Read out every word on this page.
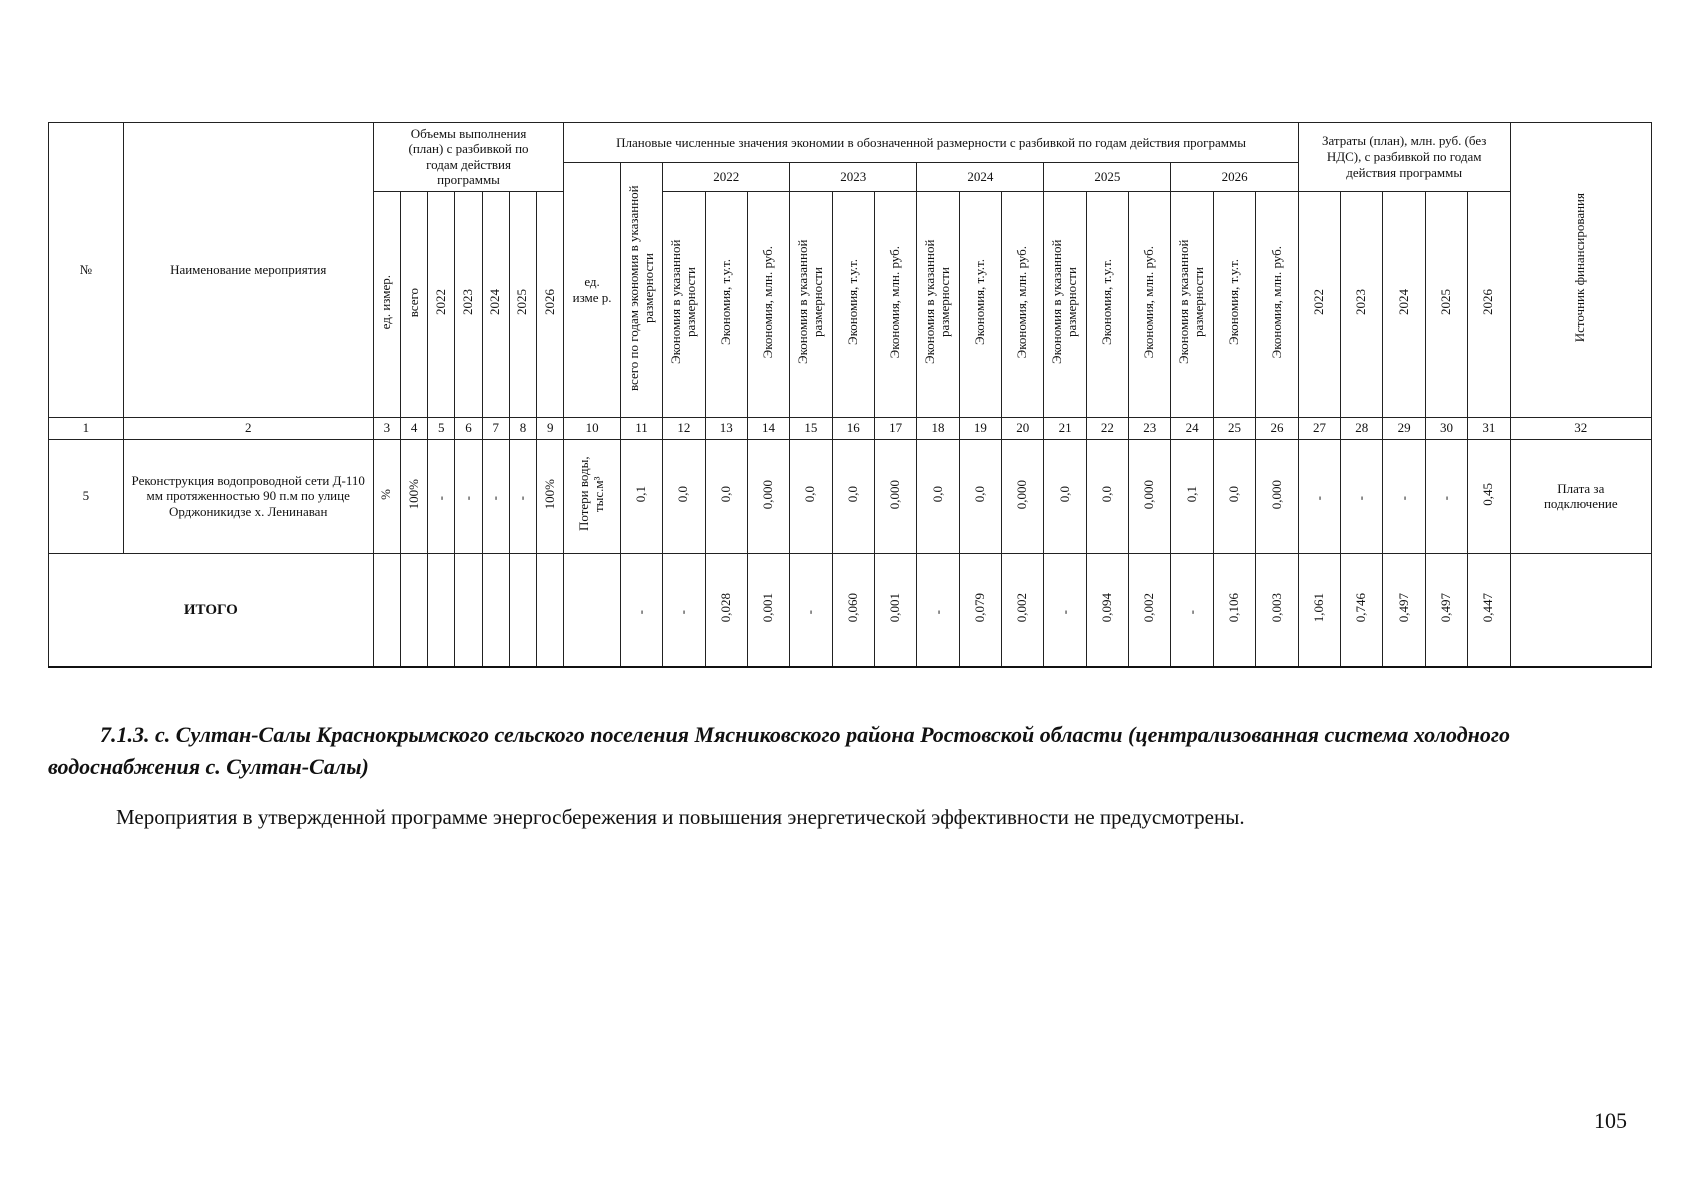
№	Наименование мероприятия	Объемы выполнения (план) с разбивкой по годам действия программы							Плановые численные значения экономии в обозначенной размерности с разбивкой по годам действия программы																	Затраты (план), млн. руб. (без НДС), с разбивкой по годам действия программы					Источник финансирования
									ед. изме р.	всего по годам экономия в указанной размерности	2022			2023			2024			2025			2026								
		ед. измер.	всего	2022	2023	2024	2025	2026			Экономия в указанной размерности	Экономия, т.у.т.	Экономия, млн. руб.	Экономия в указанной размерности	Экономия, т.у.т.	Экономия, млн. руб.	Экономия в указанной размерности	Экономия, т.у.т.	Экономия, млн. руб.	Экономия в указанной размерности	Экономия, т.у.т.	Экономия, млн. руб.	Экономия в указанной размерности	Экономия, т.у.т.	Экономия, млн. руб.	2022	2023	2024	2025	2026	
1	2	3	4	5	6	7	8	9	10	11	12	13	14	15	16	17	18	19	20	21	22	23	24	25	26	27	28	29	30	31	32
5	Реконструкция водопроводной сети Д-110 мм протяженностью 90 п.м по улице Орджоникидзе х. Ленинаван	%	100%	-	-	-	-	100%	Потери воды, тыс.м³	0,1	0,0	0,0	0,000	0,0	0,0	0,000	0,0	0,0	0,000	0,0	0,0	0,000	0,1	0,0	0,000	-	-	-	-	0,45	Плата за подключение
ИТОГО										-	-	0,028	0,001	-	0,060	0,001	-	0,079	0,002	-	0,094	0,002	-	0,106	0,003	1,061	0,746	0,497	0,497	0,447	
7.1.3. с. Султан-Салы Краснокрымского сельского поселения Мясниковского района Ростовской области (централизованная система холодного водоснабжения с. Султан-Салы)
Мероприятия в утвержденной программе энергосбережения и повышения энергетической эффективности не предусмотрены.
105
